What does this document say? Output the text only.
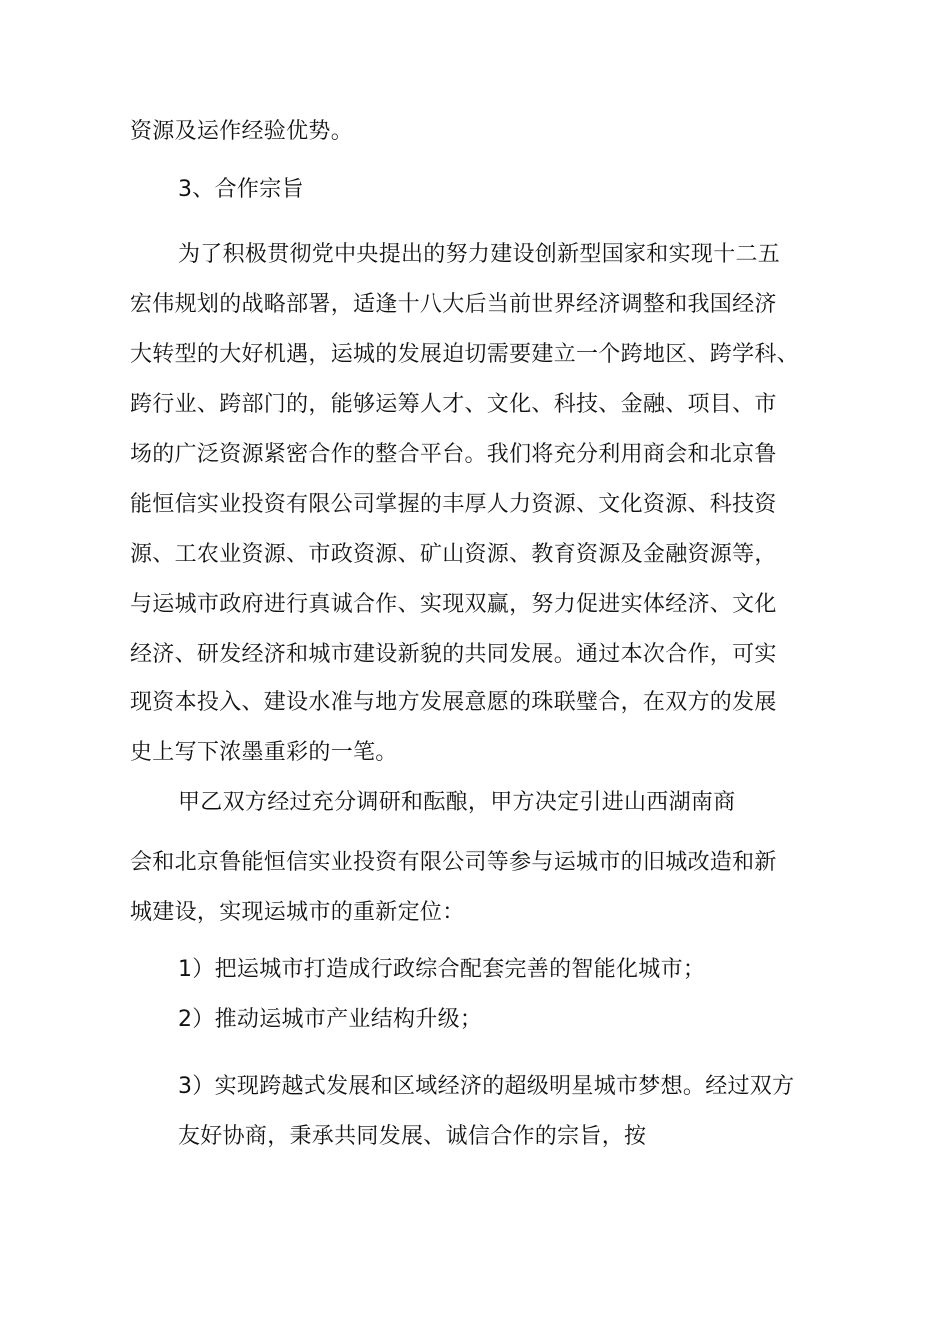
资源及运作经验优势。
3、合作宗旨
为了积极贯彻党中央提出的努力建设创新型国家和实现十二五
宏伟规划的战略部署，适逢十八大后当前世界经济调整和我国经济
大转型的大好机遇，运城的发展迫切需要建立一个跨地区、跨学科、
跨行业、跨部门的，能够运筹人才、文化、科技、金融、项目、市
场的广泛资源紧密合作的整合平台。我们将充分利用商会和北京鲁
能恒信实业投资有限公司掌握的丰厚人力资源、文化资源、科技资
源、工农业资源、市政资源、矿山资源、教育资源及金融资源等，
与运城市政府进行真诚合作、实现双赢，努力促进实体经济、文化
经济、研发经济和城市建设新貌的共同发展。通过本次合作，可实
现资本投入、建设水准与地方发展意愿的珠联璧合，在双方的发展
史上写下浓墨重彩的一笔。
甲乙双方经过充分调研和酝酿，甲方决定引进山西湖南商
会和北京鲁能恒信实业投资有限公司等参与运城市的旧城改造和新
城建设，实现运城市的重新定位：
1）把运城市打造成行政综合配套完善的智能化城市；
2）推动运城市产业结构升级；
3）实现跨越式发展和区域经济的超级明星城市梦想。经过双方
友好协商，秉承共同发展、诚信合作的宗旨，按
